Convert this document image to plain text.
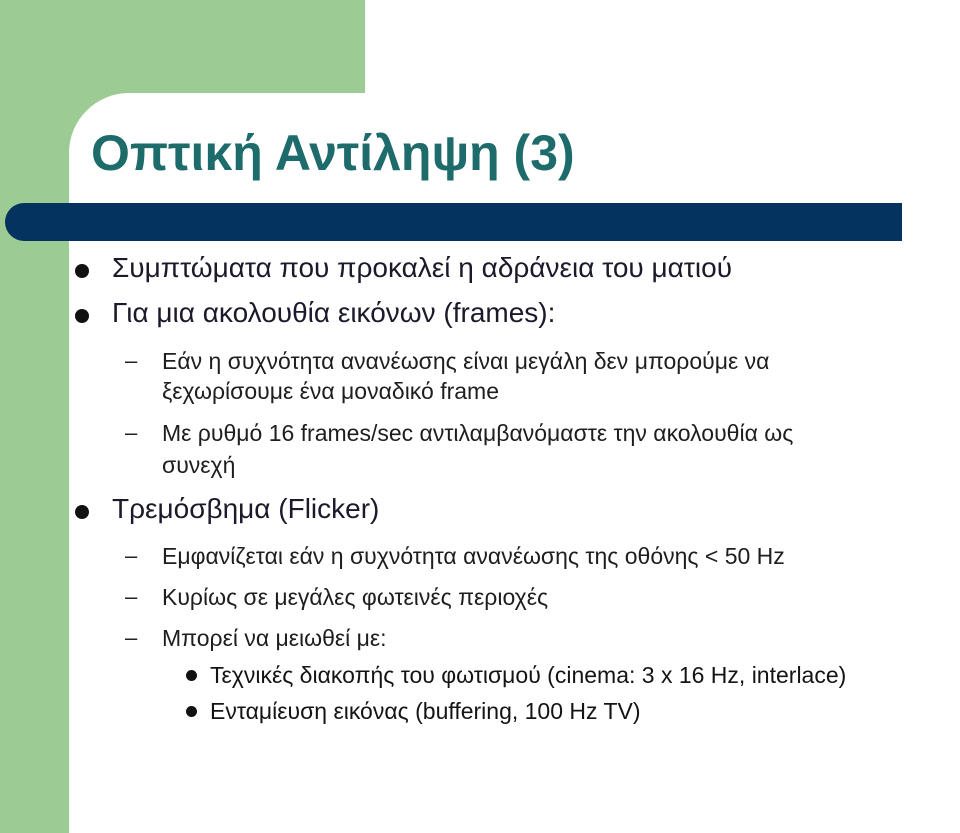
Οπτική Αντίληψη (3)
Συμπτώματα που προκαλεί η αδράνεια του ματιού
Για μια ακολουθία εικόνων (frames):
– Εάν η συχνότητα ανανέωσης είναι μεγάλη δεν μπορούμε να
ξεχωρίσουμε ένα μοναδικό frame
– Με ρυθμό 16 frames/sec αντιλαμβανόμαστε την ακολουθία ως
συνεχή
Τρεμόσβημα (Flicker)
– Εμφανίζεται εάν η συχνότητα ανανέωσης της οθόνης < 50 Hz
– Κυρίως σε μεγάλες φωτεινές περιοχές
– Μπορεί να μειωθεί με:
Τεχνικές διακοπής του φωτισμού (cinema: 3 x 16 Hz, interlace)
Ενταμίευση εικόνας (buffering, 100 Hz TV)
